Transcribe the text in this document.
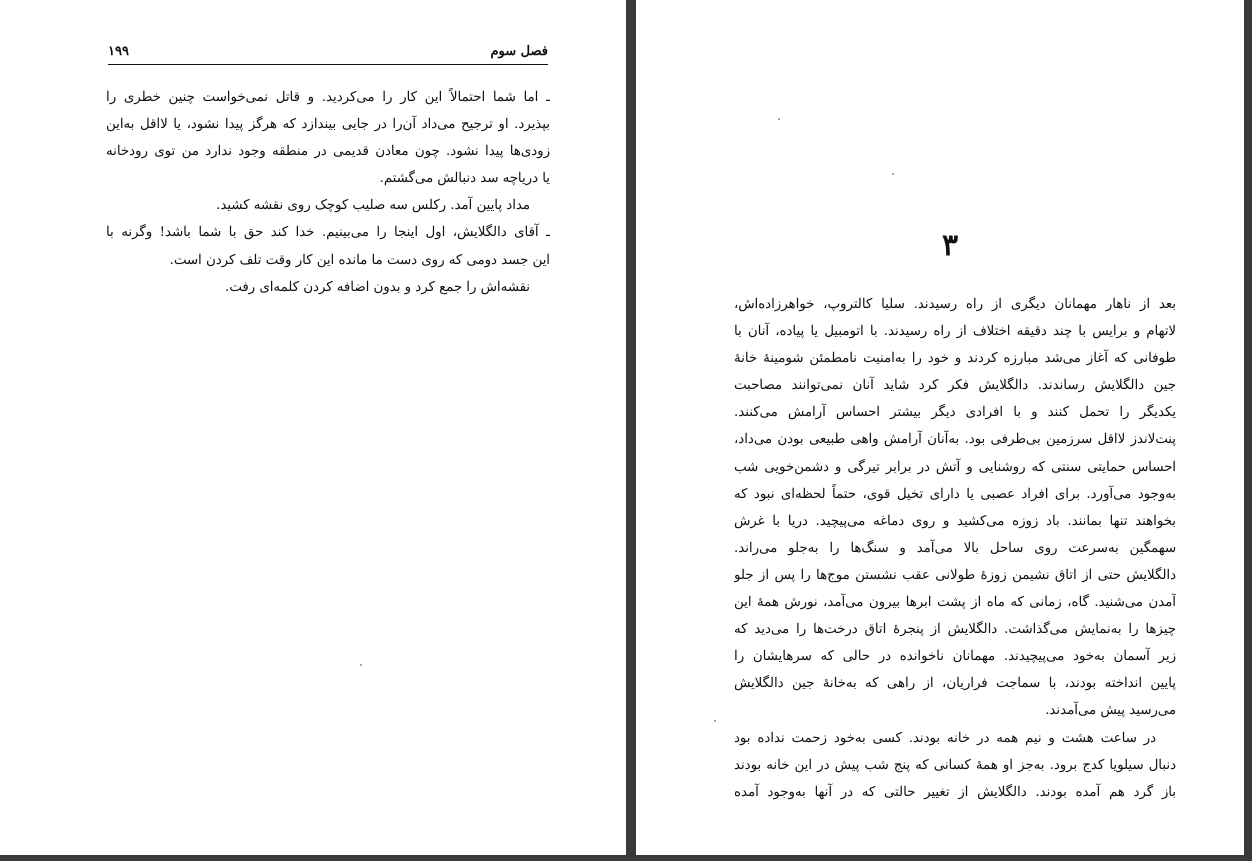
فصل سوم
۱۹۹
ـ اما شما احتمالاً این کار را می‌کردید. و قاتل نمی‌خواست چنین خطری را
بپذیرد. او ترجیح می‌داد آن‌را در جایی بیندازد که هرگز پیدا نشود، یا لااقل به‌این
زودی‌ها پیدا نشود. چون معادن قدیمی در منطقه وجود ندارد من توی رودخانه
یا دریاچه سد دنبالش می‌گشتم.
مداد پایین آمد. رکلس سه صلیب کوچک روی نقشه کشید.
ـ آقای دالگلایش، اول اینجا را می‌بینیم. خدا کند حق با شما باشد! وگرنه با
این جسد دومی که روی دست ما مانده این کار وقت تلف کردن است.
نقشه‌اش را جمع کرد و بدون اضافه کردن کلمه‌ای رفت.
۳
بعد از ناهار مهمانان دیگری از راه رسیدند. سلیا کالتروپ، خواهرزاده‌اش،
لاتهام و برایس با چند دقیقه اختلاف از راه رسیدند. با اتومبیل یا پیاده، آنان با
طوفانی که آغاز می‌شد مبارزه کردند و خود را به‌امنیت نامطمئن شومینهٔ خانهٔ
جین دالگلایش رساندند. دالگلایش فکر کرد شاید آنان نمی‌توانند مصاحبت
یکدیگر را تحمل کنند و با افرادی دیگر بیشتر احساس آرامش می‌کنند.
پنت‌لاندز لااقل سرزمین بی‌طرفی بود. به‌آنان آرامش واهی طبیعی بودن می‌داد،
احساس حمایتی سنتی که روشنایی و آتش در برابر تیرگی و دشمن‌خویی شب
به‌وجود می‌آورد. برای افراد عصبی یا دارای تخیل قوی، حتماً لحظه‌ای نبود که
بخواهند تنها بمانند. باد زوزه می‌کشید و روی دماغه می‌پیچید. دریا با غرش
سهمگین به‌سرعت روی ساحل بالا می‌آمد و سنگ‌ها را به‌جلو می‌راند.
دالگلایش حتی از اتاق نشیمن زوزهٔ طولانی عقب نشستن موج‌ها را پس از جلو
آمدن می‌شنید. گاه، زمانی که ماه از پشت ابرها بیرون می‌آمد، نورش همهٔ این
چیزها را به‌نمایش می‌گذاشت. دالگلایش از پنجرهٔ اتاق درخت‌ها را می‌دید که
زیر آسمان به‌خود می‌پیچیدند. مهمانان ناخوانده در حالی که سرهایشان را
پایین انداخته بودند، با سماجت فراریان، از راهی که به‌خانهٔ جین دالگلایش
می‌رسید پیش می‌آمدند.
در ساعت هشت و نیم همه در خانه بودند. کسی به‌خود زحمت نداده بود
دنبال سیلویا کدج برود. به‌جز او همهٔ کسانی که پنج شب پیش در این خانه بودند
باز گرد هم آمده بودند. دالگلایش از تغییر حالتی که در آنها به‌وجود آمده
